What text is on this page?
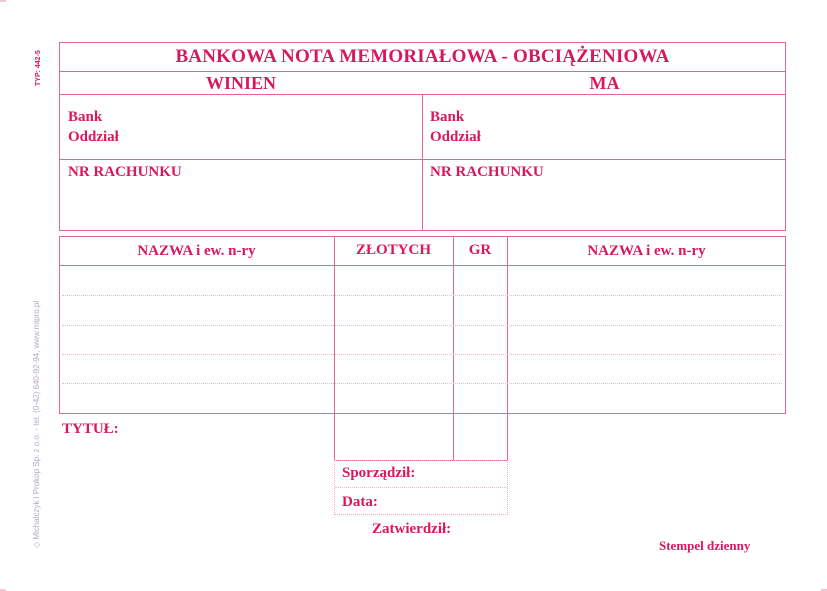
TYP: 442-5
◇ Michalczyk i Prokop Sp. z o.o. - tel. (0-42) 640-92-94, www.mipro.pl
BANKOWA NOTA MEMORIAŁOWA - OBCIĄŻENIOWA
WINIEN	MA
Bank
Oddział
NR RACHUNKU
Bank
Oddział
NR RACHUNKU
NAZWA i ew. n-ry	ZŁOTYCH	GR	NAZWA i ew. n-ry
TYTUŁ:
Sporządził:
Data:
Zatwierdził:
Stempel dzienny
